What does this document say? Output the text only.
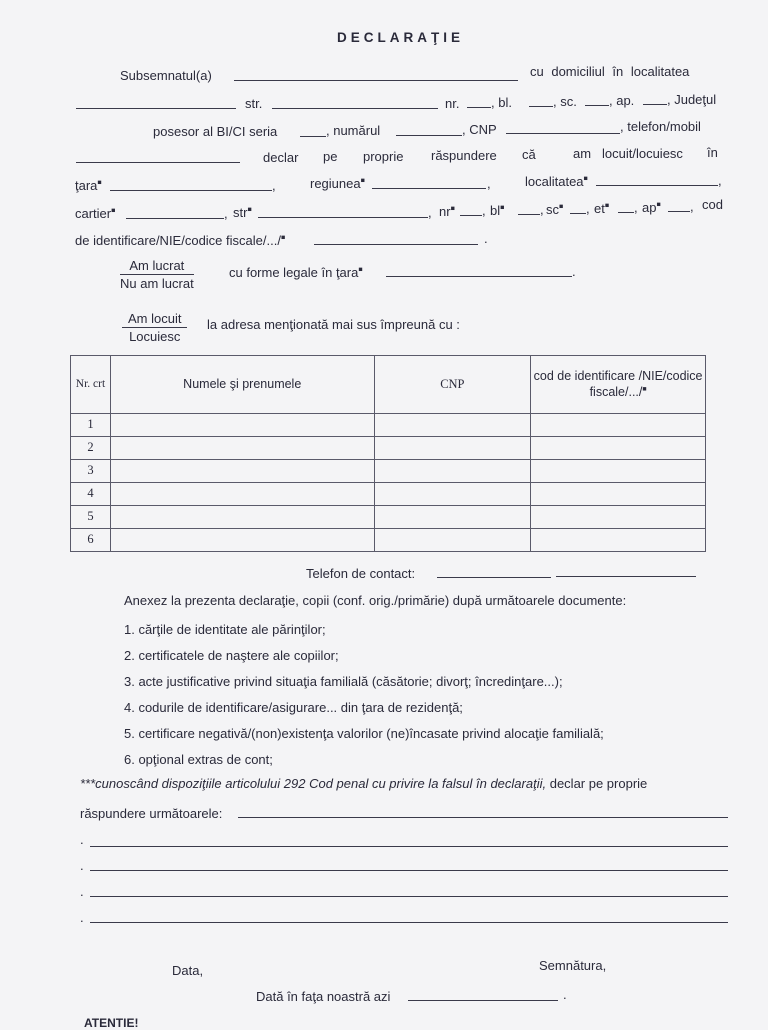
DECLARAŢIE
Subsemnatul(a)	cu domiciliul în localitatea
str.	nr. , bl.	, sc. , ap.	, Judeţul
posesor al BI/CI seria	, numărul	, CNP	, telefon/mobil
declar pe proprie răspundere că	am locuit/locuiesc în
ţara■	,	regiunea■	,	localitatea■	,
cartier■	, str■	, nr■ , bl■	, sc■ , et■ , ap■ , cod
de identificare/NIE/codice fiscale/.../■	.
Am lucrat
Nu am lucrat
cu forme legale în ţara■	.
Am locuit
Locuiesc
la adresa menţionată mai sus împreună cu :
Nr. crt	Numele şi prenumele	CNP	cod de identificare /NIE/codice fiscale/.../■
1			
2			
3			
4			
5			
6			
Telefon de contact:
Anexez la prezenta declaraţie, copii (conf. orig./primărie) după următoarele documente:
1. cărţile de identitate ale părinţilor;
2. certificatele de naştere ale copiilor;
3. acte justificative privind situaţia familială (căsătorie; divorţ; încredinţare...);
4. codurile de identificare/asigurare... din ţara de rezidenţă;
5. certificare negativă/(non)existenţa valorilor (ne)încasate privind alocaţie familială;
6. opţional extras de cont;
***cunoscând dispoziţiile articolului 292 Cod penal cu privire la falsul în declaraţii, declar pe proprie
răspundere următoarele:
.
.
.
.
Data,	Semnătura,
Dată în faţa noastră azi	.
ATENTIE!
